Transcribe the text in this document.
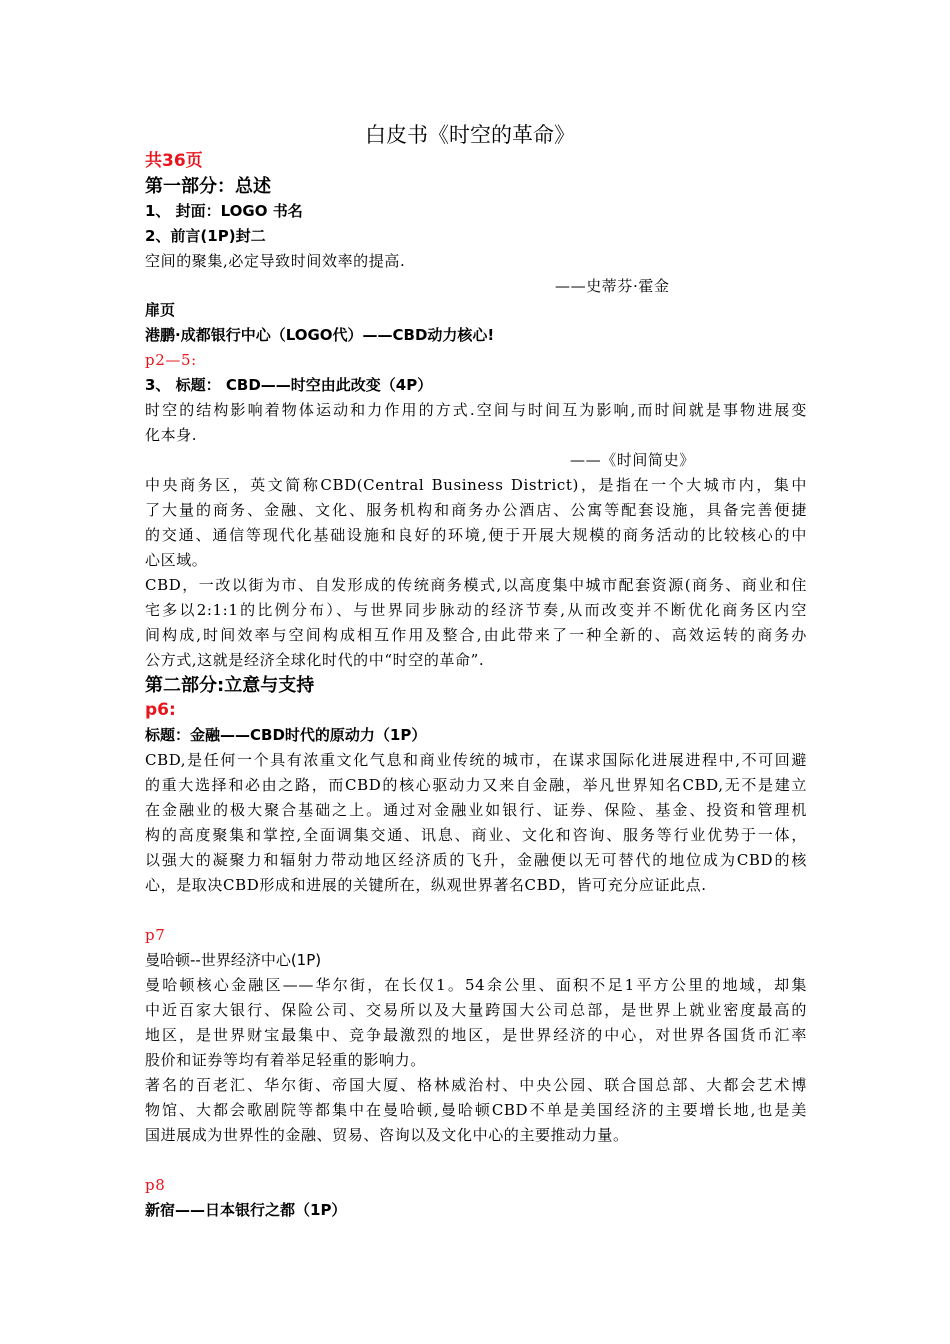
白皮书《时空的革命》
共36页
第一部分：总述
1、 封面：LOGO 书名
2、前言(1P)封二
空间的聚集,必定导致时间效率的提高.
——史蒂芬·霍金
扉页
港鹏·成都银行中心（LOGO代）——CBD动力核心!
p2—5:
3、 标题： CBD——时空由此改变（4P）
时空的结构影响着物体运动和力作用的方式.空间与时间互为影响,而时间就是事物进展变
化本身.
——《时间简史》
中央商务区，英文简称CBD(Central Business District)，是指在一个大城市内，集中
了大量的商务、金融、文化、服务机构和商务办公酒店、公寓等配套设施，具备完善便捷
的交通、通信等现代化基础设施和良好的环境,便于开展大规模的商务活动的比较核心的中
心区域。
CBD，一改以街为市、自发形成的传统商务模式,以高度集中城市配套资源(商务、商业和住
宅多以2:1:1的比例分布）、与世界同步脉动的经济节奏,从而改变并不断优化商务区内空
间构成,时间效率与空间构成相互作用及整合,由此带来了一种全新的、高效运转的商务办
公方式,这就是经济全球化时代的中“时空的革命”.
第二部分:立意与支持
p6:
标题：金融——CBD时代的原动力（1P）
CBD,是任何一个具有浓重文化气息和商业传统的城市，在谋求国际化进展进程中,不可回避
的重大选择和必由之路，而CBD的核心驱动力又来自金融，举凡世界知名CBD,无不是建立
在金融业的极大聚合基础之上。通过对金融业如银行、证券、保险、基金、投资和管理机
构的高度聚集和掌控,全面调集交通、讯息、商业、文化和咨询、服务等行业优势于一体，
以强大的凝聚力和辐射力带动地区经济质的飞升，金融便以无可替代的地位成为CBD的核
心，是取决CBD形成和进展的关键所在，纵观世界著名CBD，皆可充分应证此点.
p7
曼哈顿--世界经济中心(1P)
曼哈顿核心金融区——华尔街，在长仅1。54余公里、面积不足1平方公里的地域，却集
中近百家大银行、保险公司、交易所以及大量跨国大公司总部，是世界上就业密度最高的
地区，是世界财宝最集中、竞争最激烈的地区，是世界经济的中心，对世界各国货币汇率
股价和证券等均有着举足轻重的影响力。
著名的百老汇、华尔街、帝国大厦、格林威治村、中央公园、联合国总部、大都会艺术博
物馆、大都会歌剧院等都集中在曼哈顿,曼哈顿CBD不单是美国经济的主要增长地,也是美
国进展成为世界性的金融、贸易、咨询以及文化中心的主要推动力量。
p8
新宿——日本银行之都（1P）
